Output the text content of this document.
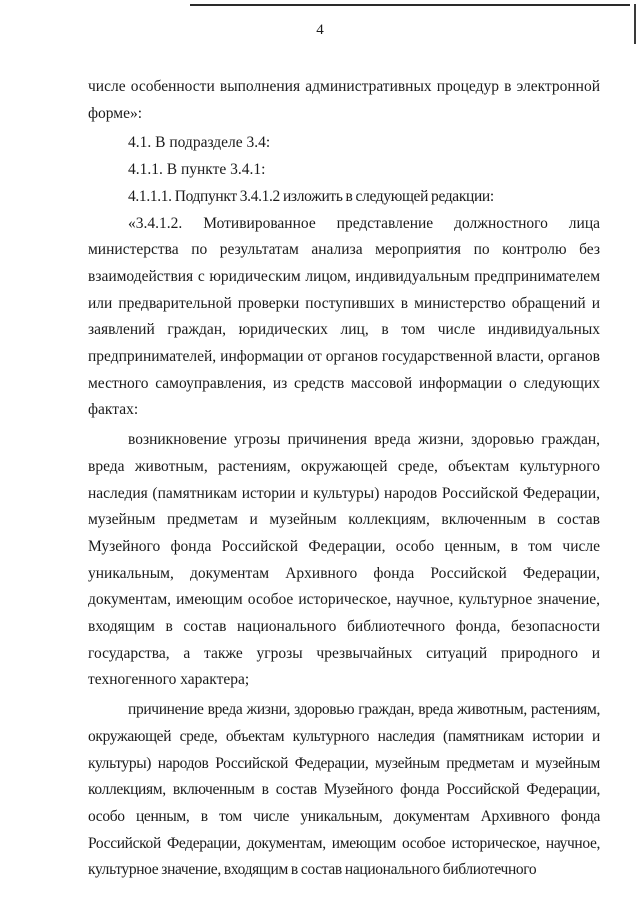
4

числе особенности выполнения административных процедур в электронной форме»:

4.1. В подразделе 3.4:

4.1.1. В пункте 3.4.1:

4.1.1.1. Подпункт 3.4.1.2 изложить в следующей редакции:

«3.4.1.2. Мотивированное представление должностного лица министерства по результатам анализа мероприятия по контролю без взаимодействия с юридическим лицом, индивидуальным предпринимателем или предварительной проверки поступивших в министерство обращений и заявлений граждан, юридических лиц, в том числе индивидуальных предпринимателей, информации от органов государственной власти, органов местного самоуправления, из средств массовой информации о следующих фактах:

возникновение угрозы причинения вреда жизни, здоровью граждан, вреда животным, растениям, окружающей среде, объектам культурного наследия (памятникам истории и культуры) народов Российской Федерации, музейным предметам и музейным коллекциям, включенным в состав Музейного фонда Российской Федерации, особо ценным, в том числе уникальным, документам Архивного фонда Российской Федерации, документам, имеющим особое историческое, научное, культурное значение, входящим в состав национального библиотечного фонда, безопасности государства, а также угрозы чрезвычайных ситуаций природного и техногенного характера;

причинение вреда жизни, здоровью граждан, вреда животным, растениям, окружающей среде, объектам культурного наследия (памятникам истории и культуры) народов Российской Федерации, музейным предметам и музейным коллекциям, включенным в состав Музейного фонда Российской Федерации, особо ценным, в том числе уникальным, документам Архивного фонда Российской Федерации, документам, имеющим особое историческое, научное, культурное значение, входящим в состав национального библиотечного
